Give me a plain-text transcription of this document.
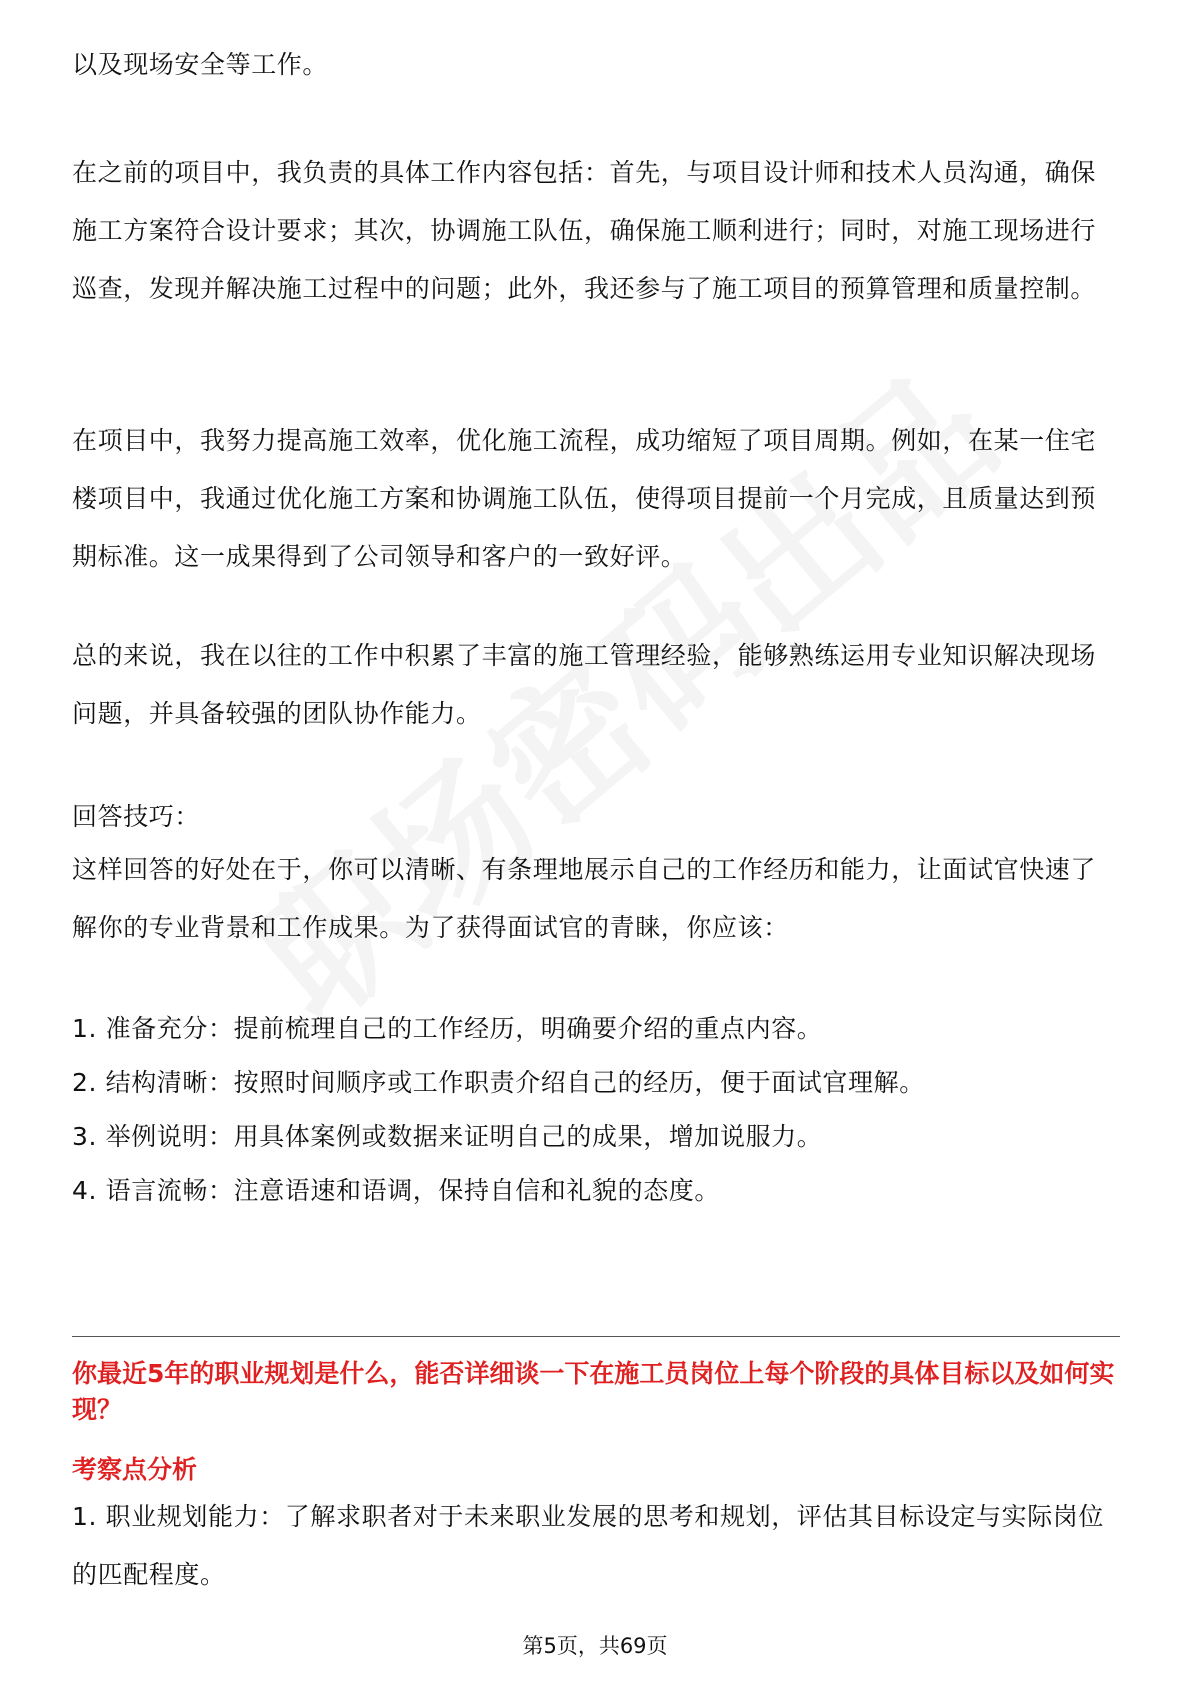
以及现场安全等工作。

在之前的项目中，我负责的具体工作内容包括：首先，与项目设计师和技术人员沟通，确保施工方案符合设计要求；其次，协调施工队伍，确保施工顺利进行；同时，对施工现场进行巡查，发现并解决施工过程中的问题；此外，我还参与了施工项目的预算管理和质量控制。

在项目中，我努力提高施工效率，优化施工流程，成功缩短了项目周期。例如，在某一住宅楼项目中，我通过优化施工方案和协调施工队伍，使得项目提前一个月完成，且质量达到预期标准。这一成果得到了公司领导和客户的一致好评。

总的来说，我在以往的工作中积累了丰富的施工管理经验，能够熟练运用专业知识解决现场问题，并具备较强的团队协作能力。

回答技巧：

这样回答的好处在于，你可以清晰、有条理地展示自己的工作经历和能力，让面试官快速了解你的专业背景和工作成果。为了获得面试官的青睐，你应该：

1. 准备充分：提前梳理自己的工作经历，明确要介绍的重点内容。

2. 结构清晰：按照时间顺序或工作职责介绍自己的经历，便于面试官理解。

3. 举例说明：用具体案例或数据来证明自己的成果，增加说服力。

4. 语言流畅：注意语速和语调，保持自信和礼貌的态度。

你最近5年的职业规划是什么，能否详细谈一下在施工员岗位上每个阶段的具体目标以及如何实现？

考察点分析

1. 职业规划能力：了解求职者对于未来职业发展的思考和规划，评估其目标设定与实际岗位的匹配程度。

第5页，共69页
